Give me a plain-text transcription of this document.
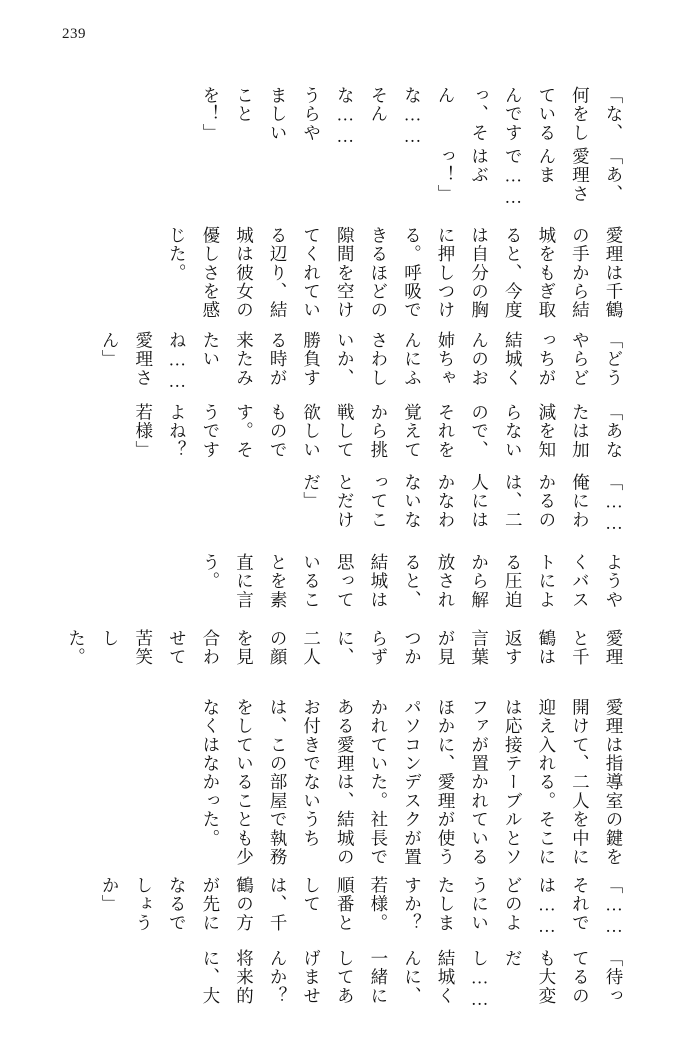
239

「な、何をしているんですっ、そんな……そんな……うらやましいことを！」

「あ、愛理さんまで……はぶっ！」

愛理は千鶴の手から結城をもぎ取ると、今度は自分の胸に押しつける。呼吸できるほどの隙間を空けてくれている辺り、結城は彼女の優しさを感じた。

「どうやらどっちが結城くんのお姉ちゃんにふさわしいか、勝負する時が来たみたいね……愛理さん」

「あなたは加減を知らないので、それを覚えてから挑戦して欲しいものです。そうですよね？　若様」

「……俺にわかるのは、二人にはかなわないなってことだけだ」

ようやくバストによる圧迫から解放されると、結城は思っていることを素直に言う。

愛理と千鶴は返す言葉が見つからずに、二人の顔を見合わせて苦笑した。

愛理は指導室の鍵を開けて、二人を中に迎え入れる。そこには応接テーブルとソファが置かれているほかに、愛理が使うパソコンデスクが置かれていた。社長である愛理は、結城のお付きでないうちは、この部屋で執務をしていることも少なくはなかった。

「……それでは……どのようにいたしますか？　若様。順番としては、千鶴の方が先になるでしょうか」

「待ってるのも大変だし……結城くんに、一緒にしてあげませんか？　将来的に、大
